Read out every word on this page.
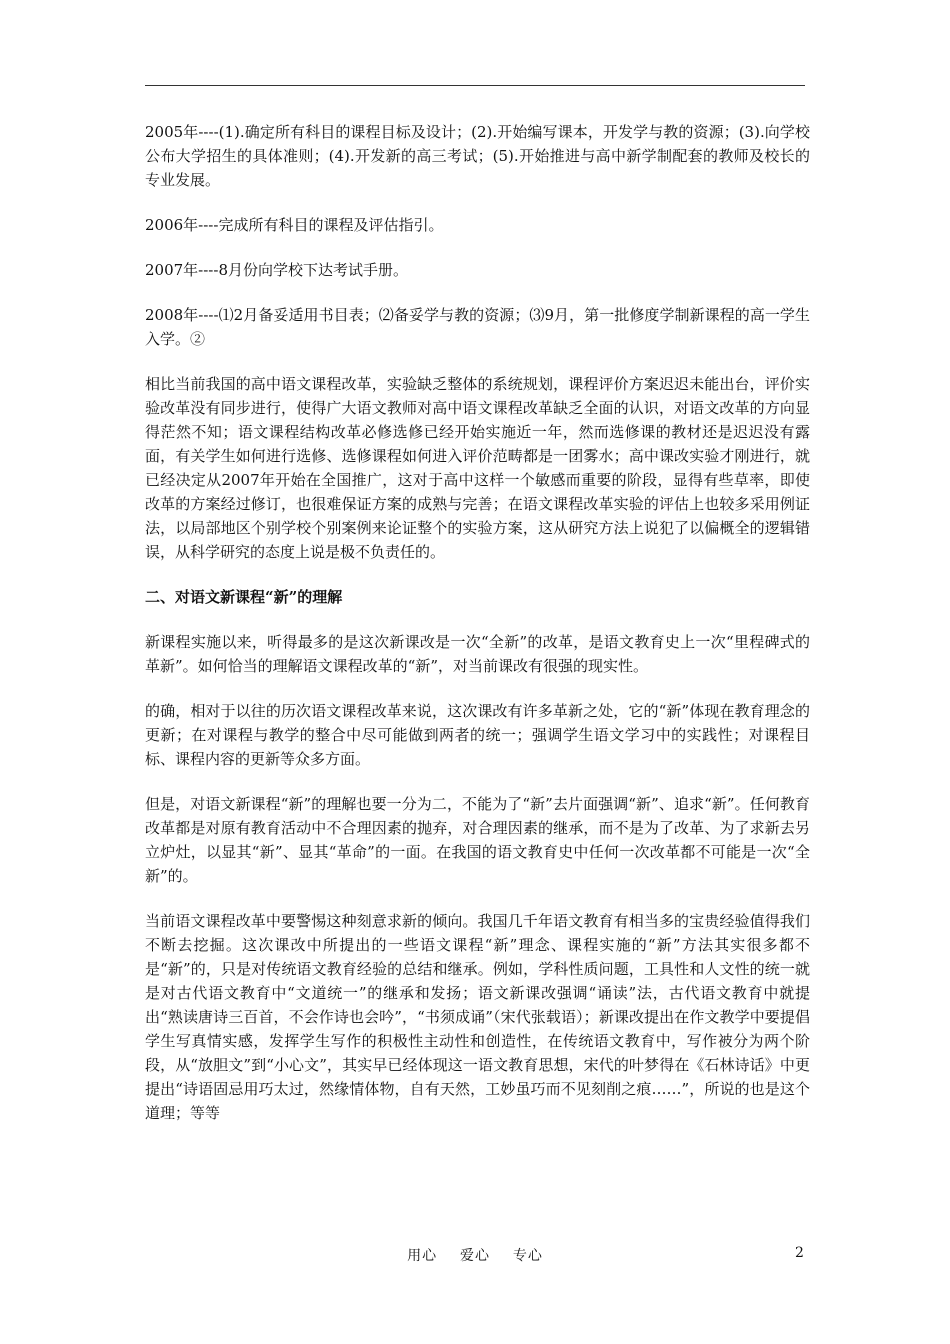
2005年----(1).确定所有科目的课程目标及设计；(2).开始编写课本，开发学与教的资源；(3).向学校公布大学招生的具体准则；(4).开发新的高三考试；(5).开始推进与高中新学制配套的教师及校长的专业发展。

2006年----完成所有科目的课程及评估指引。

2007年----8月份向学校下达考试手册。

2008年----⑴2月备妥适用书目表；⑵备妥学与教的资源；⑶9月，第一批修度学制新课程的高一学生入学。②

相比当前我国的高中语文课程改革，实验缺乏整体的系统规划，课程评价方案迟迟未能出台，评价实验改革没有同步进行，使得广大语文教师对高中语文课程改革缺乏全面的认识，对语文改革的方向显得茫然不知；语文课程结构改革必修选修已经开始实施近一年，然而选修课的教材还是迟迟没有露面，有关学生如何进行选修、选修课程如何进入评价范畴都是一团雾水；高中课改实验才刚进行，就已经决定从2007年开始在全国推广，这对于高中这样一个敏感而重要的阶段，显得有些草率，即使改革的方案经过修订，也很难保证方案的成熟与完善；在语文课程改革实验的评估上也较多采用例证法，以局部地区个别学校个别案例来论证整个的实验方案，这从研究方法上说犯了以偏概全的逻辑错误，从科学研究的态度上说是极不负责任的。

二、对语文新课程“新”的理解

新课程实施以来，听得最多的是这次新课改是一次“全新”的改革，是语文教育史上一次“里程碑式的革新”。如何恰当的理解语文课程改革的“新”，对当前课改有很强的现实性。

的确，相对于以往的历次语文课程改革来说，这次课改有许多革新之处，它的“新”体现在教育理念的更新；在对课程与教学的整合中尽可能做到两者的统一；强调学生语文学习中的实践性；对课程目标、课程内容的更新等众多方面。

但是，对语文新课程“新”的理解也要一分为二，不能为了“新”去片面强调“新”、追求“新”。任何教育改革都是对原有教育活动中不合理因素的抛弃，对合理因素的继承，而不是为了改革、为了求新去另立炉灶，以显其“新”、显其“革命”的一面。在我国的语文教育史中任何一次改革都不可能是一次“全新”的。

当前语文课程改革中要警惕这种刻意求新的倾向。我国几千年语文教育有相当多的宝贵经验值得我们不断去挖掘。这次课改中所提出的一些语文课程“新”理念、课程实施的“新”方法其实很多都不是“新”的，只是对传统语文教育经验的总结和继承。例如，学科性质问题，工具性和人文性的统一就是对古代语文教育中“文道统一”的继承和发扬；语文新课改强调“诵读”法，古代语文教育中就提出“熟读唐诗三百首，不会作诗也会吟”，“书须成诵”（宋代张载语）；新课改提出在作文教学中要提倡学生写真情实感，发挥学生写作的积极性主动性和创造性，在传统语文教育中，写作被分为两个阶段，从“放胆文”到“小心文”，其实早已经体现这一语文教育思想，宋代的叶梦得在《石林诗话》中更提出“诗语固忌用巧太过，然缘情体物，自有天然，工妙虽巧而不见刻削之痕……”，所说的也是这个道理；等等

用心  爱心  专心	2
